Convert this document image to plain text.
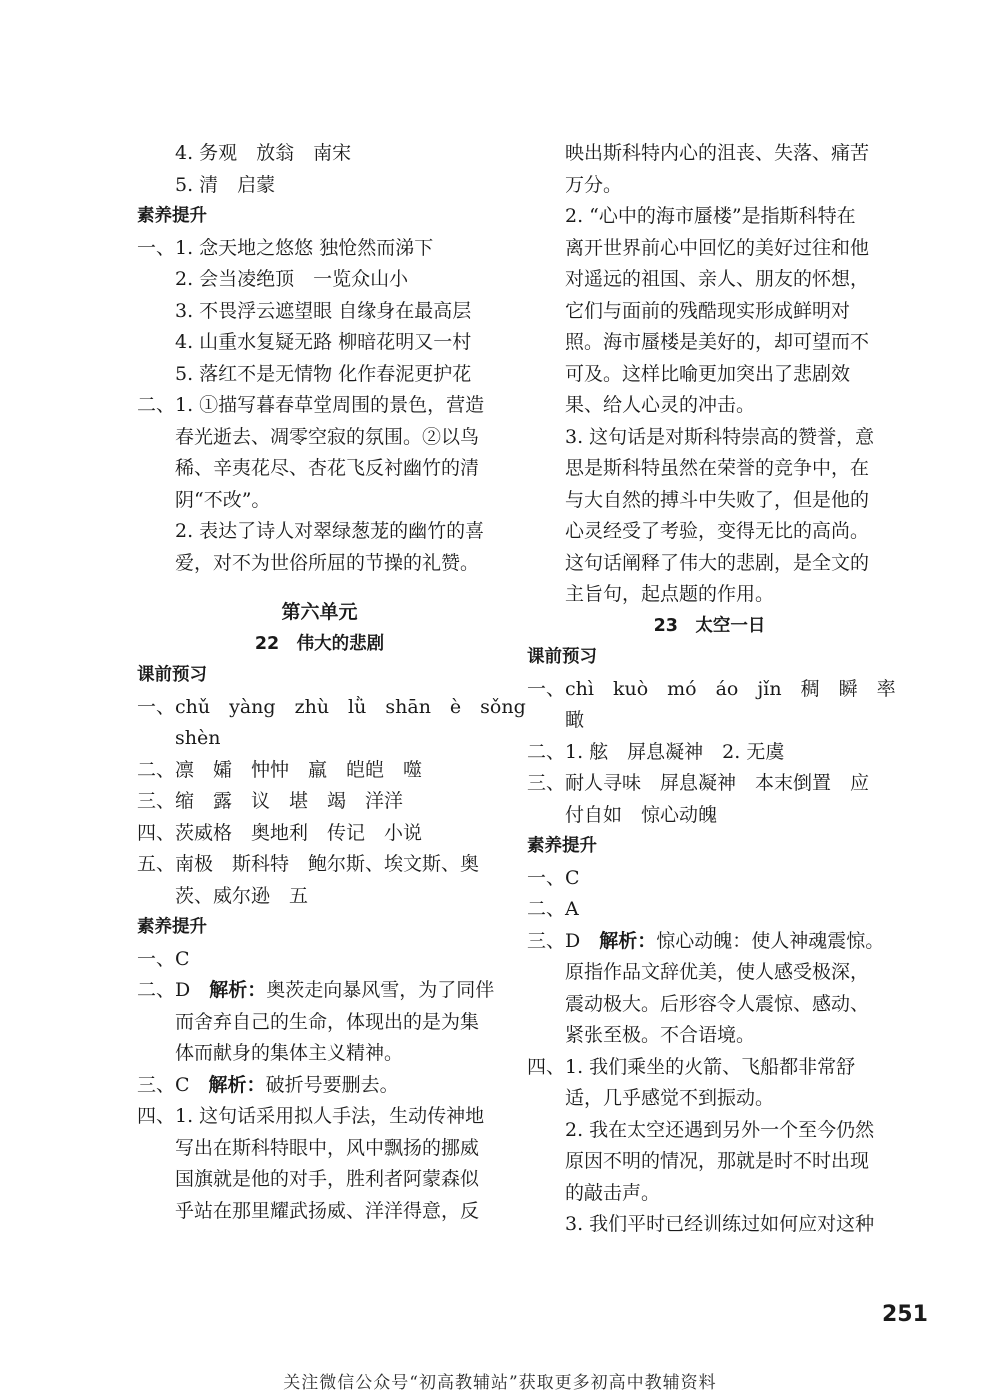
4. 务观　放翁　南宋
5. 清　启蒙
素养提升
一、1. 念天地之悠悠 独怆然而涕下
2. 会当凌绝顶　一览众山小
3. 不畏浮云遮望眼 自缘身在最高层
4. 山重水复疑无路 柳暗花明又一村
5. 落红不是无情物 化作春泥更护花
二、1. ①描写暮春草堂周围的景色，营造
春光逝去、凋零空寂的氛围。②以鸟
稀、辛夷花尽、杏花飞反衬幽竹的清
阴“不改”。
2. 表达了诗人对翠绿葱茏的幽竹的喜
爱，对不为世俗所屈的节操的礼赞。
第六单元
22　伟大的悲剧
课前预习
一、chǔ　yàng　zhù　lǜ　shān　è　sǒng
shèn
二、凛　孀　忡忡　羸　皑皑　噬
三、缩　露　议　堪　竭　洋洋
四、茨威格　奥地利　传记　小说
五、南极　斯科特　鲍尔斯、埃文斯、奥
茨、威尔逊　五
素养提升
一、C
二、D　解析：奥茨走向暴风雪，为了同伴
而舍弃自己的生命，体现出的是为集
体而献身的集体主义精神。
三、C　解析：破折号要删去。
四、1. 这句话采用拟人手法，生动传神地
写出在斯科特眼中，风中飘扬的挪威
国旗就是他的对手，胜利者阿蒙森似
乎站在那里耀武扬威、洋洋得意，反
映出斯科特内心的沮丧、失落、痛苦
万分。
2. “心中的海市蜃楼”是指斯科特在
离开世界前心中回忆的美好过往和他
对遥远的祖国、亲人、朋友的怀想，
它们与面前的残酷现实形成鲜明对
照。海市蜃楼是美好的，却可望而不
可及。这样比喻更加突出了悲剧效
果、给人心灵的冲击。
3. 这句话是对斯科特崇高的赞誉，意
思是斯科特虽然在荣誉的竞争中，在
与大自然的搏斗中失败了，但是他的
心灵经受了考验，变得无比的高尚。
这句话阐释了伟大的悲剧，是全文的
主旨句，起点题的作用。
23　太空一日
课前预习
一、chì　kuò　mó　áo　jǐn　稠　瞬　率
瞰
二、1. 舷　屏息凝神　2. 无虞
三、耐人寻味　屏息凝神　本末倒置　应
付自如　惊心动魄
素养提升
一、C
二、A
三、D　解析：惊心动魄：使人神魂震惊。
原指作品文辞优美，使人感受极深，
震动极大。后形容令人震惊、感动、
紧张至极。不合语境。
四、1. 我们乘坐的火箭、飞船都非常舒
适，几乎感觉不到振动。
2. 我在太空还遇到另外一个至今仍然
原因不明的情况，那就是时不时出现
的敲击声。
3. 我们平时已经训练过如何应对这种
251
关注微信公众号“初高教辅站”获取更多初高中教辅资料
